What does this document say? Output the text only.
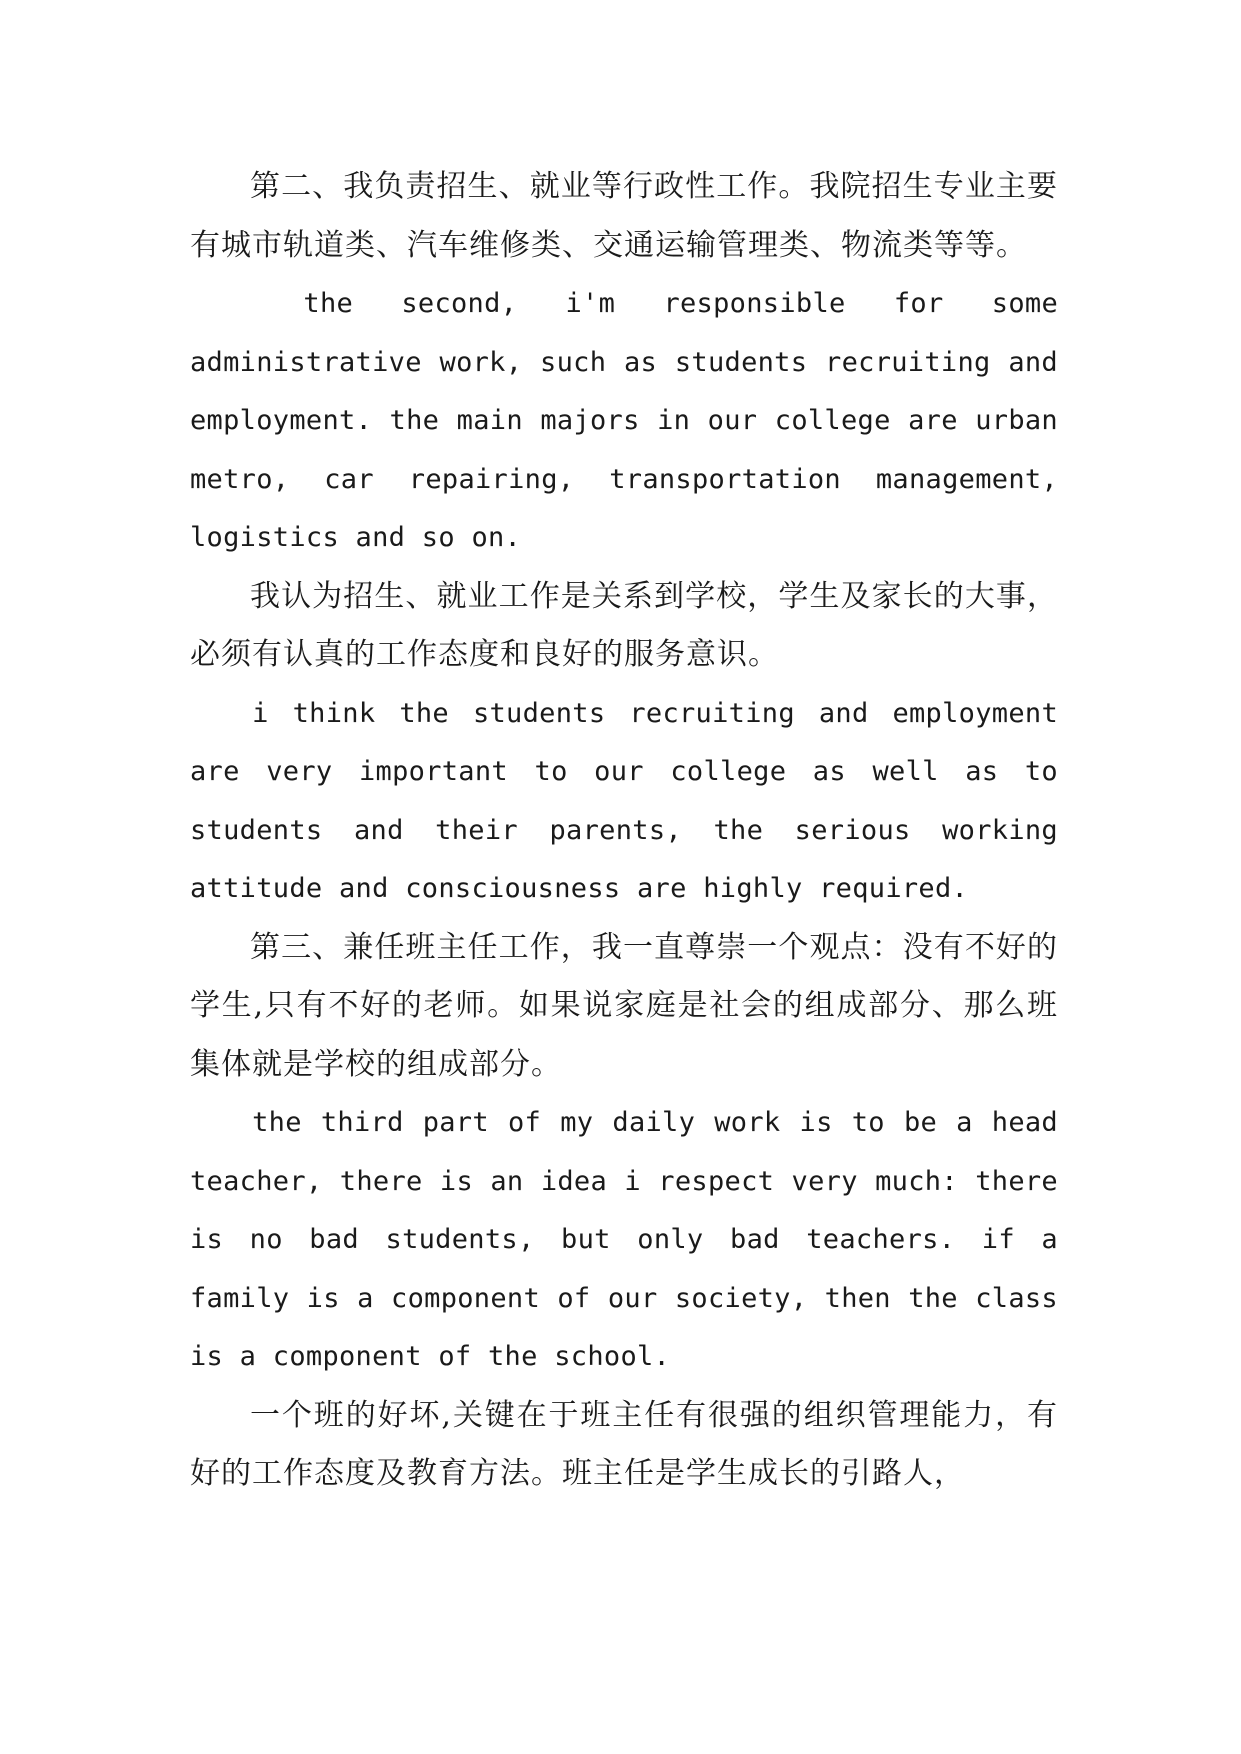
第二、我负责招生、就业等行政性工作。我院招生专业主要有城市轨道类、汽车维修类、交通运输管理类、物流类等等。

the second, i'm responsible for some administrative work, such as students recruiting and employment. the main majors in our college are urban metro, car repairing, transportation management, logistics and so on.

我认为招生、就业工作是关系到学校，学生及家长的大事，必须有认真的工作态度和良好的服务意识。

i think the students recruiting and employment are very important to our college as well as to students and their parents, the serious working attitude and consciousness are highly required.

第三、兼任班主任工作，我一直尊崇一个观点：没有不好的学生,只有不好的老师。如果说家庭是社会的组成部分、那么班集体就是学校的组成部分。

the third part of my daily work is to be a head teacher, there is an idea i respect very much: there is no bad students, but only bad teachers. if a family is a component of our society, then the class is a component of the school.

一个班的好坏,关键在于班主任有很强的组织管理能力，有好的工作态度及教育方法。班主任是学生成长的引路人，
